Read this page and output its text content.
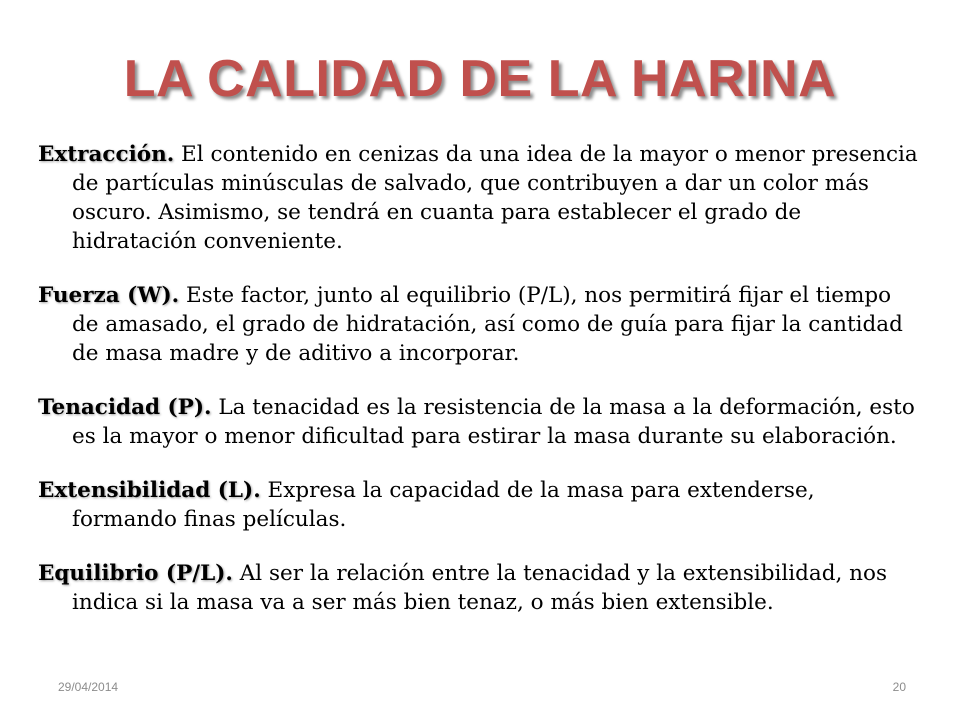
LA CALIDAD DE LA HARINA

Extracción. El contenido en cenizas da una idea de la mayor o menor presencia de partículas minúsculas de salvado, que contribuyen a dar un color más oscuro. Asimismo, se tendrá en cuanta para establecer el grado de hidratación conveniente.

Fuerza (W). Este factor, junto al equilibrio (P/L), nos permitirá fijar el tiempo de amasado, el grado de hidratación, así como de guía para fijar la cantidad de masa madre y de aditivo a incorporar.

Tenacidad (P). La tenacidad es la resistencia de la masa a la deformación, esto es la mayor o menor dificultad para estirar la masa durante su elaboración.

Extensibilidad (L). Expresa la capacidad de la masa para extenderse, formando finas películas.

Equilibrio (P/L). Al ser la relación entre la tenacidad y la extensibilidad, nos indica si la masa va a ser más bien tenaz, o más bien extensible.

29/04/2014	20
